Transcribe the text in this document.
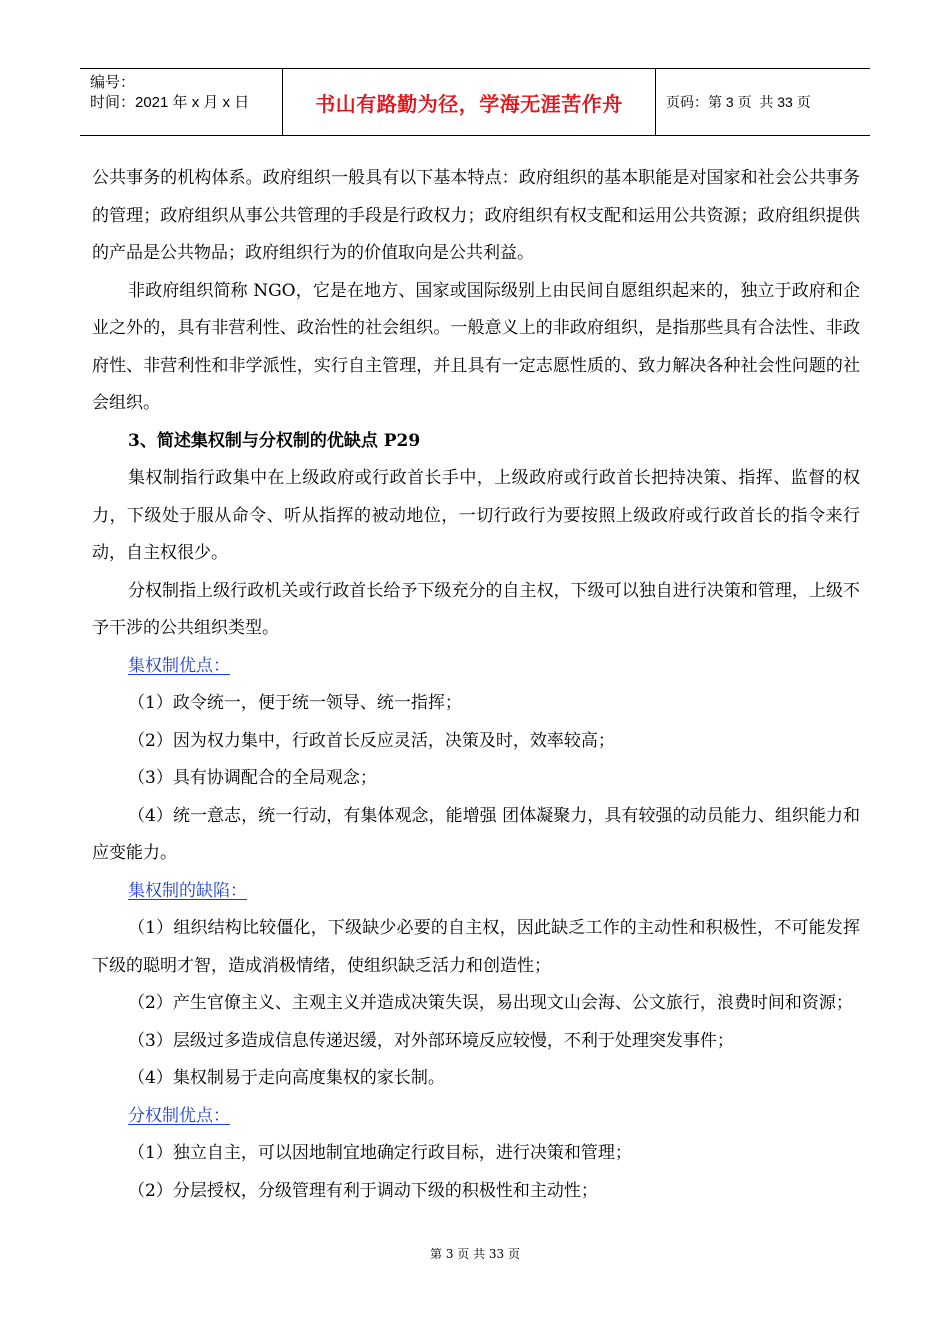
编号：
时间：2021 年 x 月 x 日	书山有路勤为径，学海无涯苦作舟	页码：第 3 页  共 33 页

公共事务的机构体系。政府组织一般具有以下基本特点：政府组织的基本职能是对国家和社会公共事务的管理；政府组织从事公共管理的手段是行政权力；政府组织有权支配和运用公共资源；政府组织提供的产品是公共物品；政府组织行为的价值取向是公共利益。

非政府组织简称 NGO，它是在地方、国家或国际级别上由民间自愿组织起来的，独立于政府和企业之外的，具有非营利性、政治性的社会组织。一般意义上的非政府组织，是指那些具有合法性、非政府性、非营利性和非学派性，实行自主管理，并且具有一定志愿性质的、致力解决各种社会性问题的社会组织。

3、简述集权制与分权制的优缺点 P29

集权制指行政集中在上级政府或行政首长手中，上级政府或行政首长把持决策、指挥、监督的权力，下级处于服从命令、听从指挥的被动地位，一切行政行为要按照上级政府或行政首长的指令来行动，自主权很少。

分权制指上级行政机关或行政首长给予下级充分的自主权，下级可以独自进行决策和管理，上级不予干涉的公共组织类型。

集权制优点：

（1）政令统一，便于统一领导、统一指挥；

（2）因为权力集中，行政首长反应灵活，决策及时，效率较高；

（3）具有协调配合的全局观念；

（4）统一意志，统一行动，有集体观念，能增强 团体凝聚力，具有较强的动员能力、组织能力和应变能力。

集权制的缺陷：

（1）组织结构比较僵化，下级缺少必要的自主权，因此缺乏工作的主动性和积极性，不可能发挥下级的聪明才智，造成消极情绪，使组织缺乏活力和创造性；

（2）产生官僚主义、主观主义并造成决策失误，易出现文山会海、公文旅行，浪费时间和资源；

（3）层级过多造成信息传递迟缓，对外部环境反应较慢，不利于处理突发事件；

（4）集权制易于走向高度集权的家长制。

分权制优点：

（1）独立自主，可以因地制宜地确定行政目标，进行决策和管理；

（2）分层授权，分级管理有利于调动下级的积极性和主动性；

第 3 页 共 33 页
